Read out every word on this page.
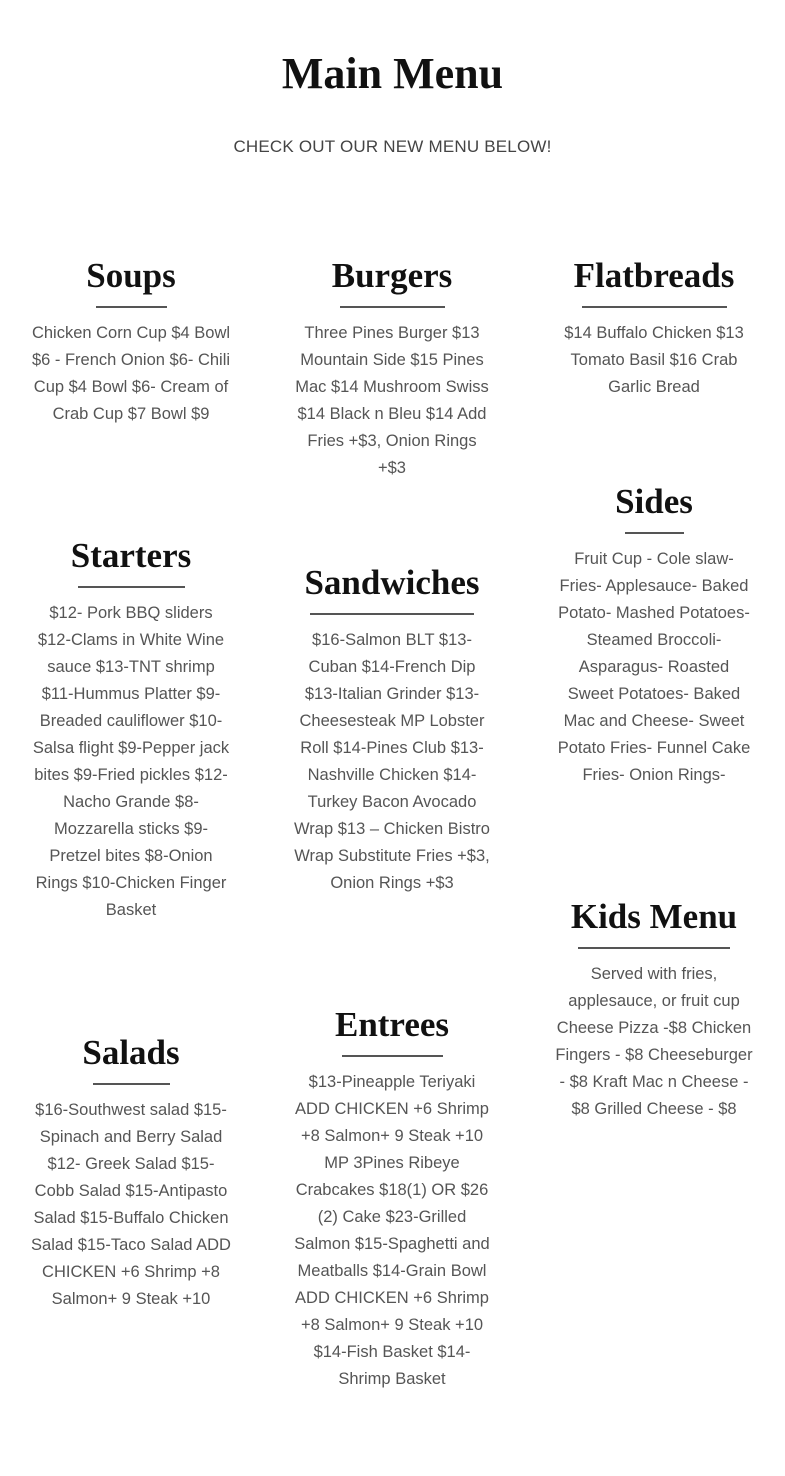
Main Menu
CHECK OUT OUR NEW MENU BELOW!
Soups

Chicken Corn Cup $4 Bowl $6 - French Onion $6- Chili Cup $4 Bowl $6- Cream of Crab Cup $7 Bowl $9

Starters

$12- Pork BBQ sliders $12-Clams in White Wine sauce $13-TNT shrimp $11-Hummus Platter $9- Breaded cauliflower $10- Salsa flight $9-Pepper jack bites $9-Fried pickles $12-Nacho Grande $8-Mozzarella sticks $9-Pretzel bites $8-Onion Rings $10-Chicken Finger Basket

Salads

$16-Southwest salad $15-Spinach and Berry Salad $12- Greek Salad $15-Cobb Salad $15-Antipasto Salad $15-Buffalo Chicken Salad $15-Taco Salad ADD CHICKEN +6 Shrimp +8 Salmon+ 9 Steak +10

Burgers

Three Pines Burger $13 Mountain Side $15 Pines Mac $14 Mushroom Swiss $14 Black n Bleu $14 Add Fries +$3, Onion Rings +$3

Sandwiches

$16-Salmon BLT $13-Cuban $14-French Dip $13-Italian Grinder $13-Cheesesteak MP Lobster Roll $14-Pines Club $13-Nashville Chicken $14-Turkey Bacon Avocado Wrap $13 – Chicken Bistro Wrap Substitute Fries +$3, Onion Rings +$3

Entrees

$13-Pineapple Teriyaki ADD CHICKEN +6 Shrimp +8 Salmon+ 9 Steak +10 MP 3Pines Ribeye Crabcakes $18(1) OR $26 (2) Cake $23-Grilled Salmon $15-Spaghetti and Meatballs $14-Grain Bowl ADD CHICKEN +6 Shrimp +8 Salmon+ 9 Steak +10 $14-Fish Basket $14-Shrimp Basket

Flatbreads

$14 Buffalo Chicken $13 Tomato Basil $16 Crab Garlic Bread

Sides

Fruit Cup - Cole slaw- Fries- Applesauce- Baked Potato- Mashed Potatoes- Steamed Broccoli- Asparagus- Roasted Sweet Potatoes- Baked Mac and Cheese- Sweet Potato Fries- Funnel Cake Fries- Onion Rings-

Kids Menu

Served with fries, applesauce, or fruit cup Cheese Pizza -$8 Chicken Fingers - $8 Cheeseburger - $8 Kraft Mac n Cheese - $8 Grilled Cheese - $8
